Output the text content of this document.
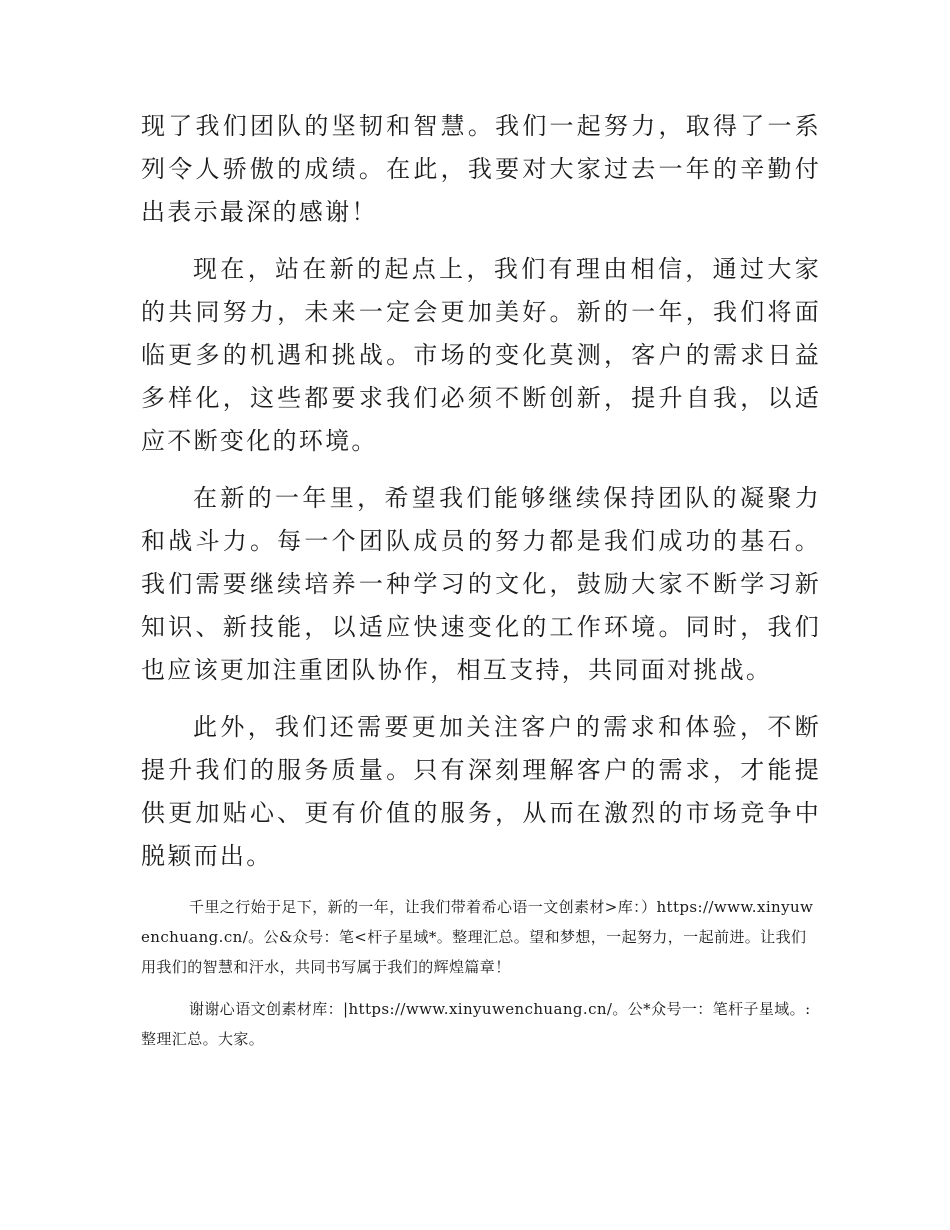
现了我们团队的坚韧和智慧。我们一起努力，取得了一系列令人骄傲的成绩。在此，我要对大家过去一年的辛勤付出表示最深的感谢！

现在，站在新的起点上，我们有理由相信，通过大家的共同努力，未来一定会更加美好。新的一年，我们将面临更多的机遇和挑战。市场的变化莫测，客户的需求日益多样化，这些都要求我们必须不断创新，提升自我，以适应不断变化的环境。

在新的一年里，希望我们能够继续保持团队的凝聚力和战斗力。每一个团队成员的努力都是我们成功的基石。我们需要继续培养一种学习的文化，鼓励大家不断学习新知识、新技能，以适应快速变化的工作环境。同时，我们也应该更加注重团队协作，相互支持，共同面对挑战。

此外，我们还需要更加关注客户的需求和体验，不断提升我们的服务质量。只有深刻理解客户的需求，才能提供更加贴心、更有价值的服务，从而在激烈的市场竞争中脱颖而出。

千里之行始于足下，新的一年，让我们带着希心语一文创素材>库：）https://www.xinyuwenchuang.cn/。公&众号：笔<杆子星域*。整理汇总。望和梦想，一起努力，一起前进。让我们用我们的智慧和汗水，共同书写属于我们的辉煌篇章！

谢谢心语文创素材库：|https://www.xinyuwenchuang.cn/。公*众号一：笔杆子星域。:整理汇总。大家。
